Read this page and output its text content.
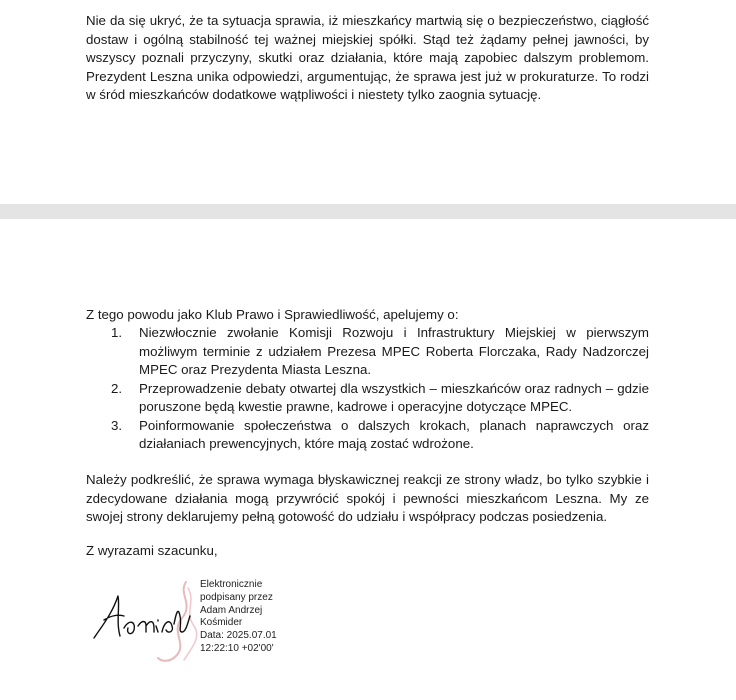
Nie da się ukryć, że ta sytuacja sprawia, iż mieszkańcy martwią się o bezpieczeństwo, ciągłość dostaw i ogólną stabilność tej ważnej miejskiej spółki. Stąd też żądamy pełnej jawności, by wszyscy poznali przyczyny, skutki oraz działania, które mają zapobiec dalszym problemom. Prezydent Leszna unika odpowiedzi, argumentując, że sprawa jest już w prokuraturze. To rodzi w śród mieszkańców dodatkowe wątpliwości i niestety tylko zaognia sytuację.

Z tego powodu jako Klub Prawo i Sprawiedliwość, apelujemy o:

1. Niezwłocznie zwołanie Komisji Rozwoju i Infrastruktury Miejskiej w pierwszym możliwym terminie z udziałem Prezesa MPEC Roberta Florczaka, Rady Nadzorczej MPEC oraz Prezydenta Miasta Leszna.
2. Przeprowadzenie debaty otwartej dla wszystkich – mieszkańców oraz radnych – gdzie poruszone będą kwestie prawne, kadrowe i operacyjne dotyczące MPEC.
3. Poinformowanie społeczeństwa o dalszych krokach, planach naprawczych oraz działaniach prewencyjnych, które mają zostać wdrożone.

Należy podkreślić, że sprawa wymaga błyskawicznej reakcji ze strony władz, bo tylko szybkie i zdecydowane działania mogą przywrócić spokój i pewności mieszkańcom Leszna. My ze swojej strony deklarujemy pełną gotowość do udziału i współpracy podczas posiedzenia.

Z wyrazami szacunku,

Elektronicznie
podpisany przez
Adam Andrzej
Kośmider
Data: 2025.07.01
12:22:10 +02'00'
